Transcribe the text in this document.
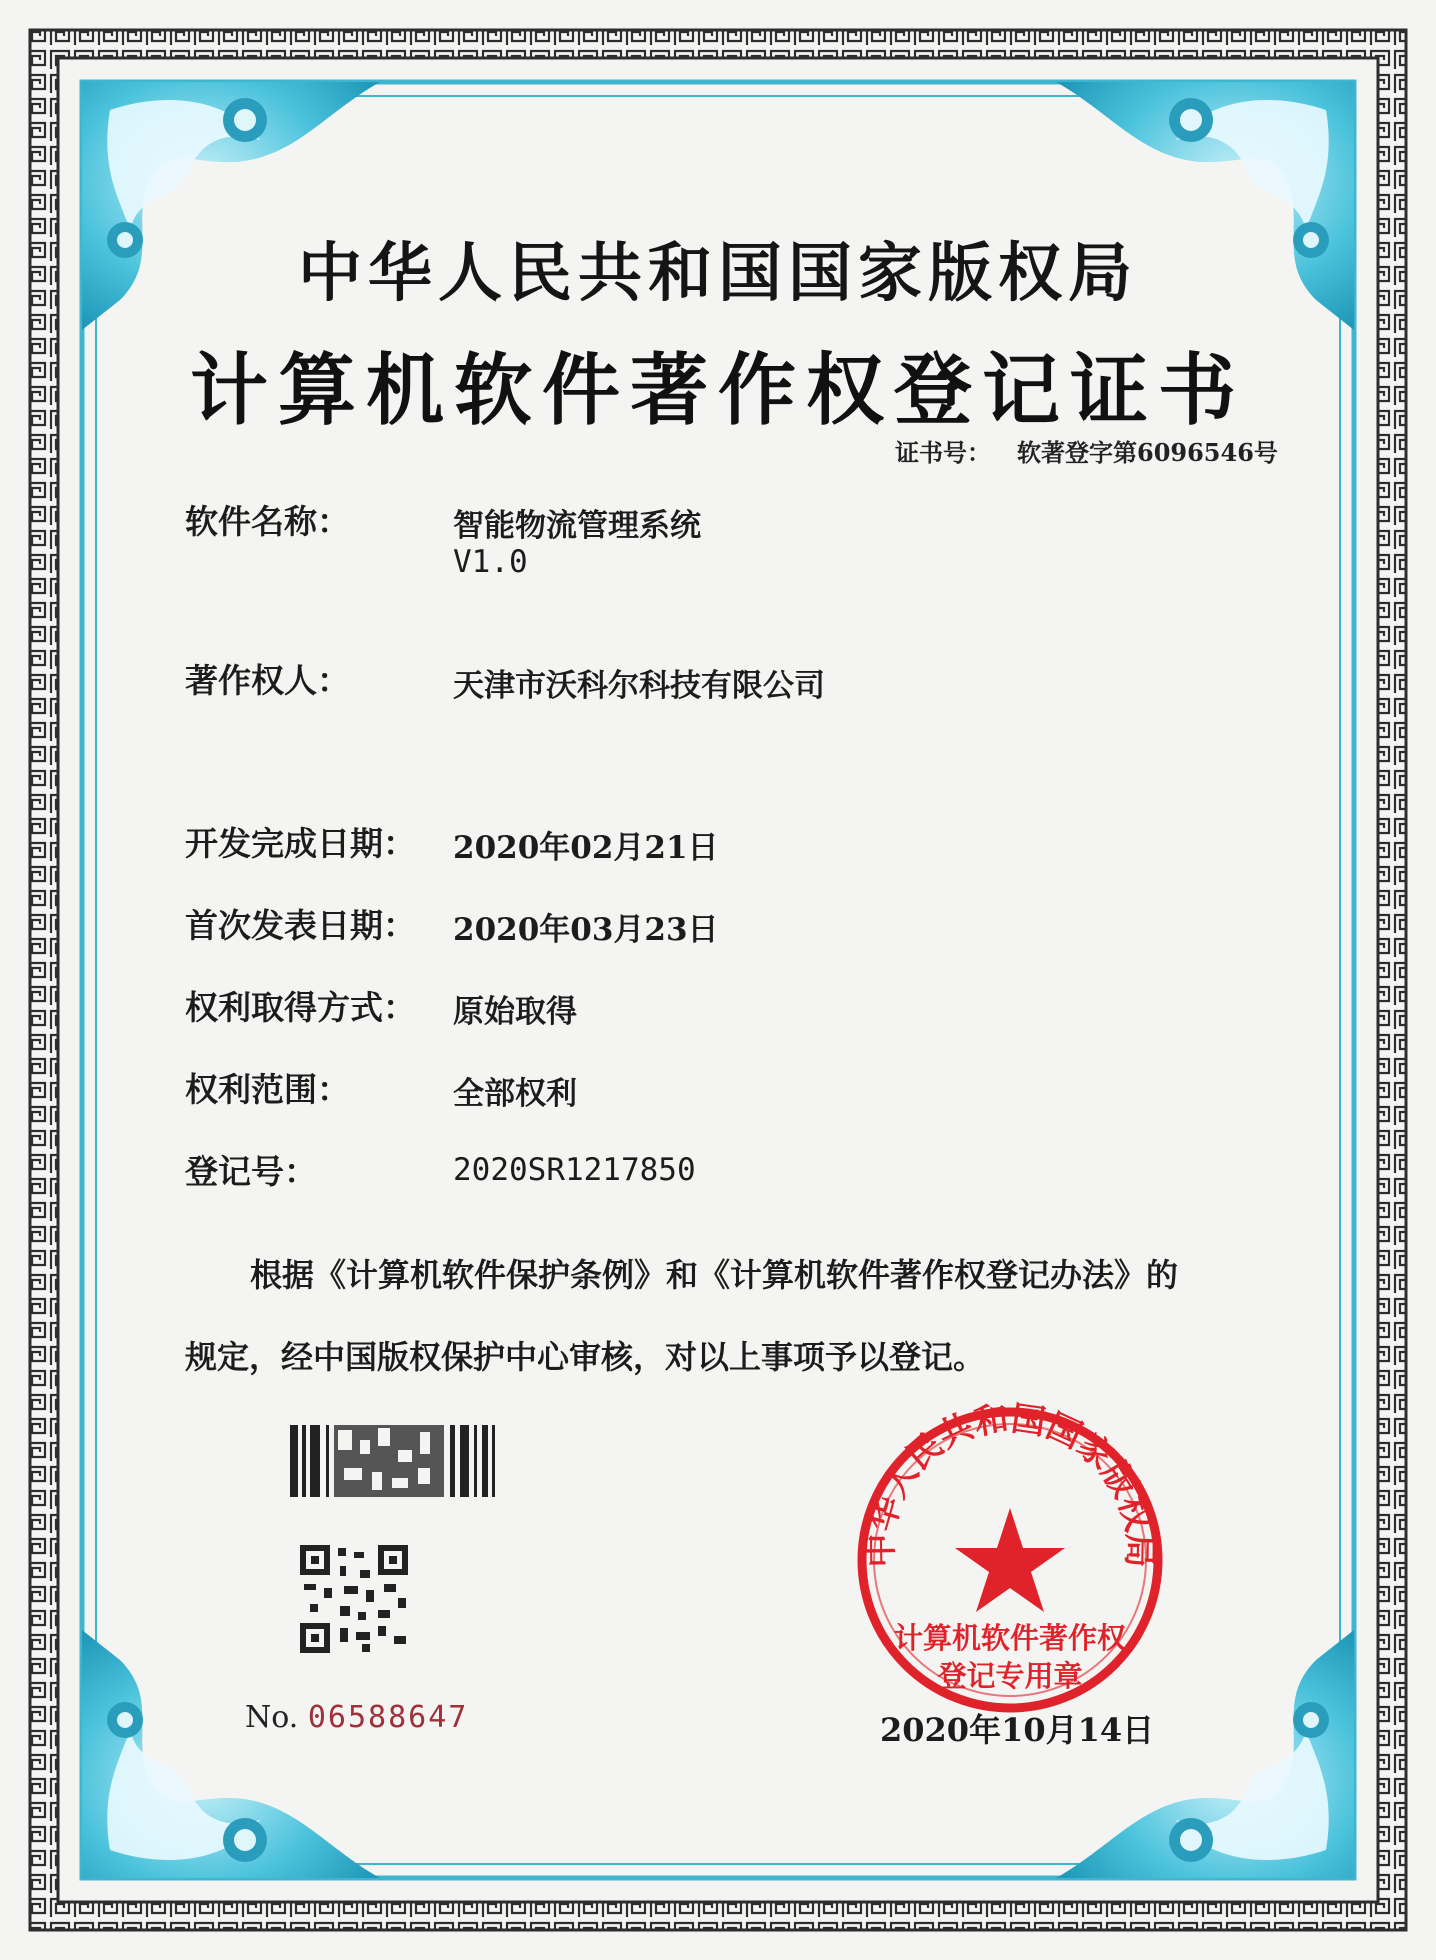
中华人民共和国国家版权局
计算机软件著作权
登记专用章
中华人民共和国国家版权局
计算机软件著作权登记证书
证书号： 软著登字第6096546号
软件名称：	智能物流管理系统
V1.0
著作权人：	天津市沃科尔科技有限公司
开发完成日期： 2020年02月21日
首次发表日期： 2020年03月23日
权利取得方式： 原始取得
权利范围：	全部权利
登记号：	2020SR1217850
根据《计算机软件保护条例》和《计算机软件著作权登记办法》的
规定，经中国版权保护中心审核，对以上事项予以登记。
No. 06588647	2020年10月14日
